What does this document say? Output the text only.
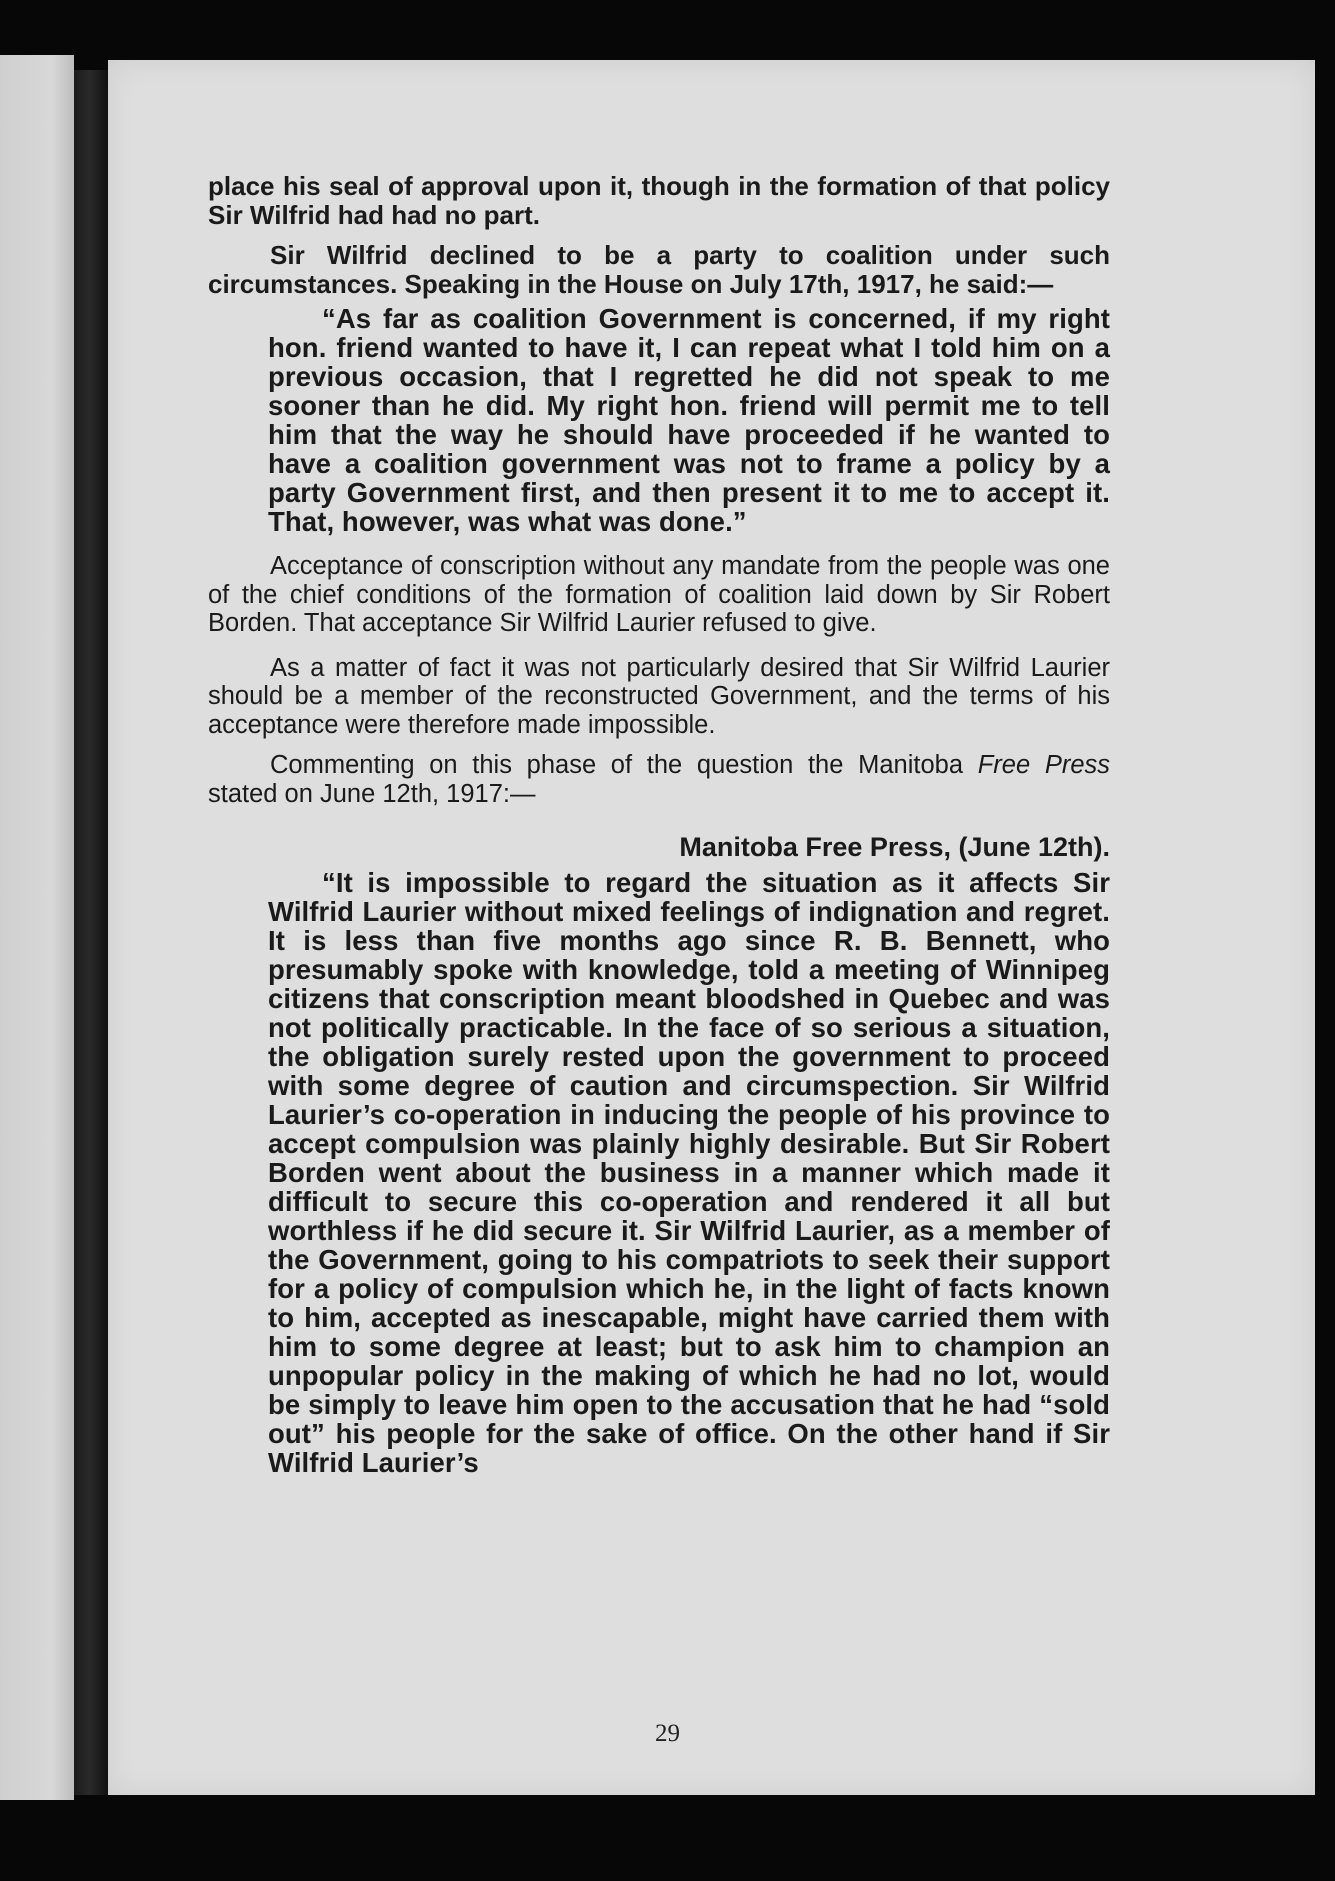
place his seal of approval upon it, though in the formation of that policy Sir Wilfrid had had no part.

Sir Wilfrid declined to be a party to coalition under such circumstances. Speaking in the House on July 17th, 1917, he said:—

“As far as coalition Government is concerned, if my right hon. friend wanted to have it, I can repeat what I told him on a previous occasion, that I regretted he did not speak to me sooner than he did. My right hon. friend will permit me to tell him that the way he should have proceeded if he wanted to have a coalition government was not to frame a policy by a party Government first, and then present it to me to accept it. That, however, was what was done.”

Acceptance of conscription without any mandate from the people was one of the chief conditions of the formation of coalition laid down by Sir Robert Borden. That acceptance Sir Wilfrid Laurier refused to give.

As a matter of fact it was not particularly desired that Sir Wilfrid Laurier should be a member of the reconstructed Government, and the terms of his acceptance were therefore made impossible.

Commenting on this phase of the question the Manitoba Free Press stated on June 12th, 1917:—

Manitoba Free Press, (June 12th).

“It is impossible to regard the situation as it affects Sir Wilfrid Laurier without mixed feelings of indignation and regret. It is less than five months ago since R. B. Bennett, who presumably spoke with knowledge, told a meeting of Winnipeg citizens that conscription meant bloodshed in Quebec and was not politically practicable. In the face of so serious a situation, the obligation surely rested upon the government to proceed with some degree of caution and circumspection. Sir Wilfrid Laurier’s co-operation in inducing the people of his province to accept compulsion was plainly highly desirable. But Sir Robert Borden went about the business in a manner which made it difficult to secure this co-operation and rendered it all but worthless if he did secure it. Sir Wilfrid Laurier, as a member of the Government, going to his compatriots to seek their support for a policy of compulsion which he, in the light of facts known to him, accepted as inescapable, might have carried them with him to some degree at least; but to ask him to champion an unpopular policy in the making of which he had no lot, would be simply to leave him open to the accusation that he had “sold out” his people for the sake of office. On the other hand if Sir Wilfrid Laurier’s

29
